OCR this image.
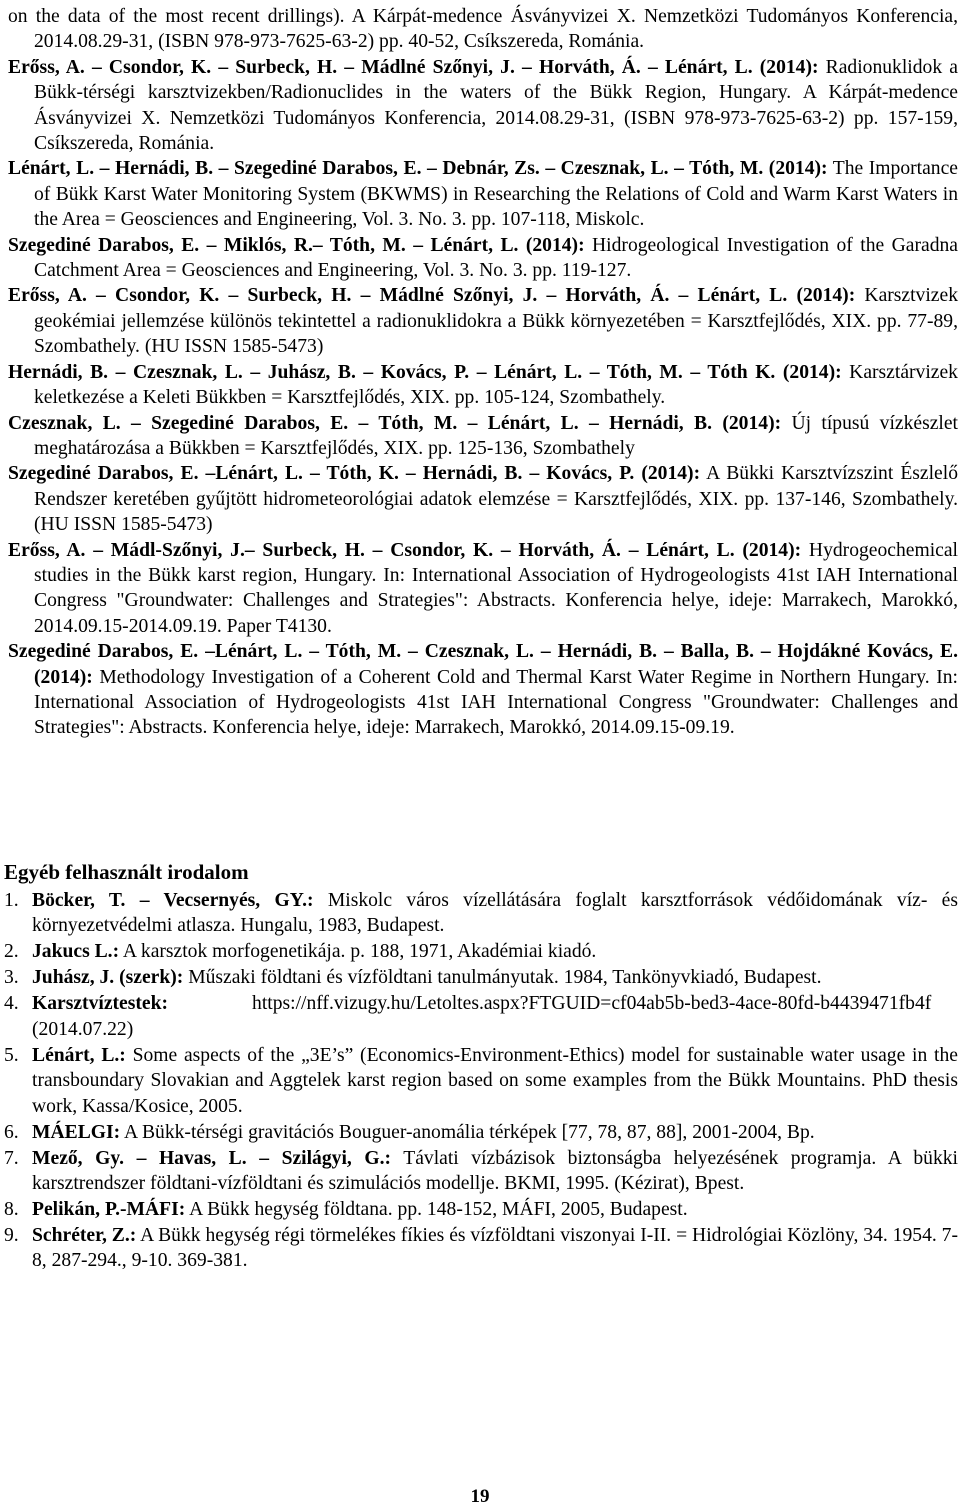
on the data of the most recent drillings). A Kárpát-medence Ásványvizei X. Nemzetközi Tudományos Konferencia, 2014.08.29-31, (ISBN 978-973-7625-63-2) pp. 40-52, Csíkszereda, Románia.

Erőss, A. – Csondor, K. – Surbeck, H. – Mádlné Szőnyi, J. – Horváth, Á. – Lénárt, L. (2014): Radionuklidok a Bükk-térségi karsztvizekben/Radionuclides in the waters of the Bükk Region, Hungary. A Kárpát-medence Ásványvizei X. Nemzetközi Tudományos Konferencia, 2014.08.29-31, (ISBN 978-973-7625-63-2) pp. 157-159, Csíkszereda, Románia.

Lénárt, L. – Hernádi, B. – Szegediné Darabos, E. – Debnár, Zs. – Czesznak, L. – Tóth, M. (2014): The Importance of Bükk Karst Water Monitoring System (BKWMS) in Researching the Relations of Cold and Warm Karst Waters in the Area = Geosciences and Engineering, Vol. 3. No. 3. pp. 107-118, Miskolc.

Szegediné Darabos, E. – Miklós, R.– Tóth, M. – Lénárt, L. (2014): Hidrogeological Investigation of the Garadna Catchment Area = Geosciences and Engineering, Vol. 3. No. 3. pp. 119-127.

Erőss, A. – Csondor, K. – Surbeck, H. – Mádlné Szőnyi, J. – Horváth, Á. – Lénárt, L. (2014): Karsztvizek geokémiai jellemzése különös tekintettel a radionuklidokra a Bükk környezetében = Karsztfejlődés, XIX. pp. 77-89, Szombathely. (HU ISSN 1585-5473)

Hernádi, B. – Czesznak, L. – Juhász, B. – Kovács, P. – Lénárt, L. – Tóth, M. – Tóth K. (2014): Karsztárvizek keletkezése a Keleti Bükkben = Karsztfejlődés, XIX. pp. 105-124, Szombathely.

Czesznak, L. – Szegediné Darabos, E. – Tóth, M. – Lénárt, L. – Hernádi, B. (2014): Új típusú vízkészlet meghatározása a Bükkben = Karsztfejlődés, XIX. pp. 125-136, Szombathely

Szegediné Darabos, E. –Lénárt, L. – Tóth, K. – Hernádi, B. – Kovács, P. (2014): A Bükki Karsztvízszint Észlelő Rendszer keretében gyűjtött hidrometeorológiai adatok elemzése = Karsztfejlődés, XIX. pp. 137-146, Szombathely. (HU ISSN 1585-5473)

Erőss, A. – Mádl-Szőnyi, J.– Surbeck, H. – Csondor, K. – Horváth, Á. – Lénárt, L. (2014): Hydrogeochemical studies in the Bükk karst region, Hungary. In: International Association of Hydrogeologists 41st IAH International Congress "Groundwater: Challenges and Strategies": Abstracts. Konferencia helye, ideje: Marrakech, Marokkó, 2014.09.15-2014.09.19. Paper T4130.

Szegediné Darabos, E. –Lénárt, L. – Tóth, M. – Czesznak, L. – Hernádi, B. – Balla, B. – Hojdákné Kovács, E. (2014): Methodology Investigation of a Coherent Cold and Thermal Karst Water Regime in Northern Hungary. In: International Association of Hydrogeologists 41st IAH International Congress "Groundwater: Challenges and Strategies": Abstracts. Konferencia helye, ideje: Marrakech, Marokkó, 2014.09.15-09.19.

Egyéb felhasznált irodalom
1. Böcker, T. – Vecsernyés, GY.: Miskolc város vízellátására foglalt karsztforrások védőidomának víz- és környezetvédelmi atlasza. Hungalu, 1983, Budapest.
2. Jakucs L.: A karsztok morfogenetikája. p. 188, 1971, Akadémiai kiadó.
3. Juhász, J. (szerk): Műszaki földtani és vízföldtani tanulmányutak. 1984, Tankönyvkiadó, Budapest.
4. Karsztvíztestek:	https://nff.vizugy.hu/Letoltes.aspx?FTGUID=cf04ab5b-bed3-4ace-80fd-b4439471fb4f (2014.07.22)
5. Lénárt, L.: Some aspects of the „3E’s” (Economics-Environment-Ethics) model for sustainable water usage in the transboundary Slovakian and Aggtelek karst region based on some examples from the Bükk Mountains. PhD thesis work, Kassa/Kosice, 2005.
6. MÁELGI: A Bükk-térségi gravitációs Bouguer-anomália térképek [77, 78, 87, 88], 2001-2004, Bp.
7. Mező, Gy. – Havas, L. – Szilágyi, G.: Távlati vízbázisok biztonságba helyezésének programja. A bükki karsztrendszer földtani-vízföldtani és szimulációs modellje. BKMI, 1995. (Kézirat), Bpest.
8. Pelikán, P.-MÁFI: A Bükk hegység földtana. pp. 148-152, MÁFI, 2005, Budapest.
9. Schréter, Z.: A Bükk hegység régi törmelékes fíkies és vízföldtani viszonyai I-II. = Hidrológiai Közlöny, 34. 1954. 7-8, 287-294., 9-10. 369-381.
19
